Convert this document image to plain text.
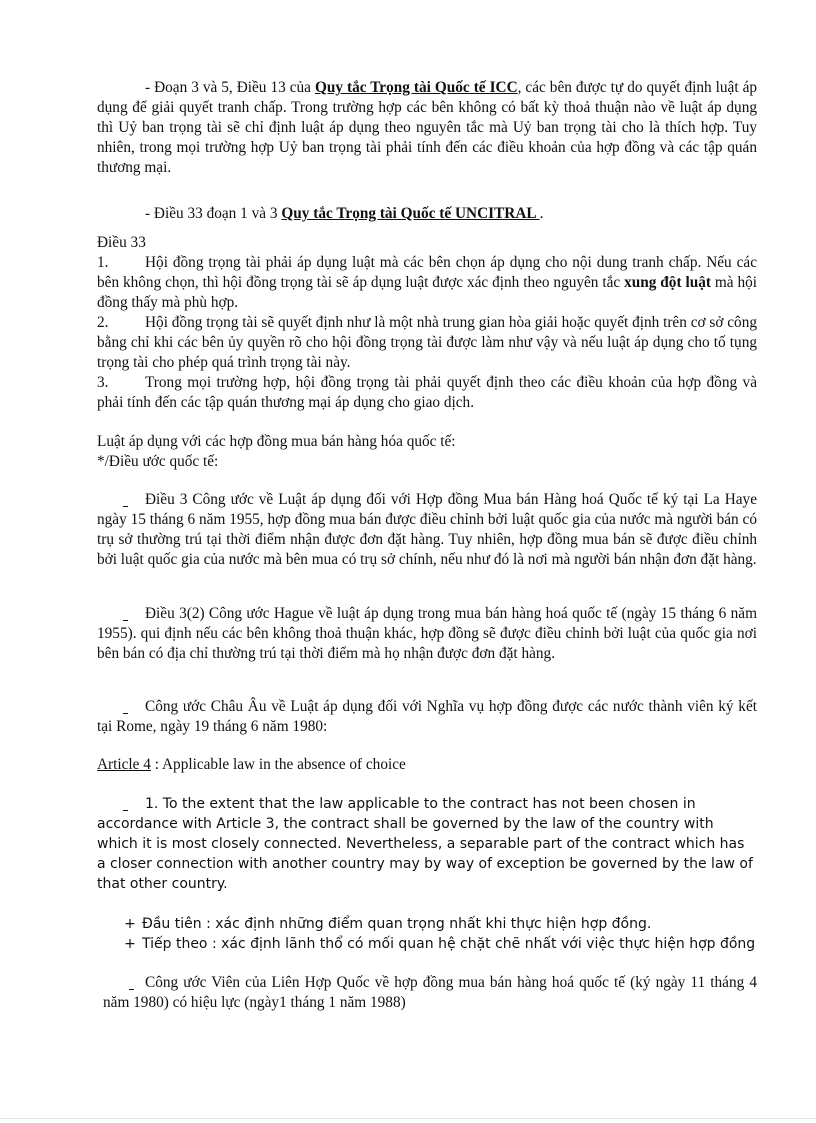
- Đoạn 3 và 5, Điều 13 của Quy tắc Trọng tài Quốc tế ICC, các bên được tự do quyết định luật áp dụng để giải quyết tranh chấp. Trong trường hợp các bên không có bất kỳ thoả thuận nào về luật áp dụng thì Uỷ ban trọng tài sẽ chỉ định luật áp dụng theo nguyên tắc mà Uỷ ban trọng tài cho là thích hợp. Tuy nhiên, trong mọi trường hợp Uỷ ban trọng tài phải tính đến các điều khoản của hợp đồng và các tập quán thương mại.

- Điều 33 đoạn 1 và 3 Quy tắc Trọng tài Quốc tế UNCITRAL .

Điều 33

1. Hội đồng trọng tài phải áp dụng luật mà các bên chọn áp dụng cho nội dung tranh chấp. Nếu các bên không chọn, thì hội đồng trọng tài sẽ áp dụng luật được xác định theo nguyên tắc xung đột luật mà hội đồng thấy mà phù hợp.

2. Hội đồng trọng tài sẽ quyết định như là một nhà trung gian hòa giải hoặc quyết định trên cơ sở công bằng chỉ khi các bên ủy quyền rõ cho hội đồng trọng tài được làm như vậy và nếu luật áp dụng cho tố tụng trọng tài cho phép quá trình trọng tài này.

3. Trong mọi trường hợp, hội đồng trọng tài phải quyết định theo các điều khoản của hợp đồng và phải tính đến các tập quán thương mại áp dụng cho giao dịch.

Luật áp dụng với các hợp đồng mua bán hàng hóa quốc tế:

*/Điều ước quốc tế:

Điều 3 Công ước về Luật áp dụng đối với Hợp đồng Mua bán Hàng hoá Quốc tế ký tại La Haye ngày 15 tháng 6 năm 1955, hợp đồng mua bán được điều chỉnh bởi luật quốc gia của nước mà người bán có trụ sở thường trú tại thời điểm nhận được đơn đặt hàng. Tuy nhiên, hợp đồng mua bán sẽ được điều chỉnh bởi luật quốc gia của nước mà bên mua có trụ sở chính, nếu như đó là nơi mà người bán nhận đơn đặt hàng.

Điều 3(2) Công ước Hague về luật áp dụng trong mua bán hàng hoá quốc tế (ngày 15 tháng 6 năm 1955). qui định nếu các bên không thoả thuận khác, hợp đồng sẽ được điều chỉnh bởi luật của quốc gia nơi bên bán có địa chỉ thường trú tại thời điểm mà họ nhận được đơn đặt hàng.

Công ước Châu Âu về Luật áp dụng đối với Nghĩa vụ hợp đồng được các nước thành viên ký kết tại Rome, ngày 19 tháng 6 năm 1980:

Article 4 : Applicable law in the absence of choice

1. To the extent that the law applicable to the contract has not been chosen in accordance with Article 3, the contract shall be governed by the law of the country with which it is most closely connected. Nevertheless, a separable part of the contract which has a closer connection with another country may by way of exception be governed by the law of that other country.

+ Đầu tiên : xác định những điểm quan trọng nhất khi thực hiện hợp đồng.

+ Tiếp theo : xác định lãnh thổ có mối quan hệ chặt chẽ nhất với việc thực hiện hợp đồng

Công ước Viên của Liên Hợp Quốc về hợp đồng mua bán hàng hoá quốc tế (ký ngày 11 tháng 4 năm 1980) có hiệu lực (ngày1 tháng 1 năm 1988)
